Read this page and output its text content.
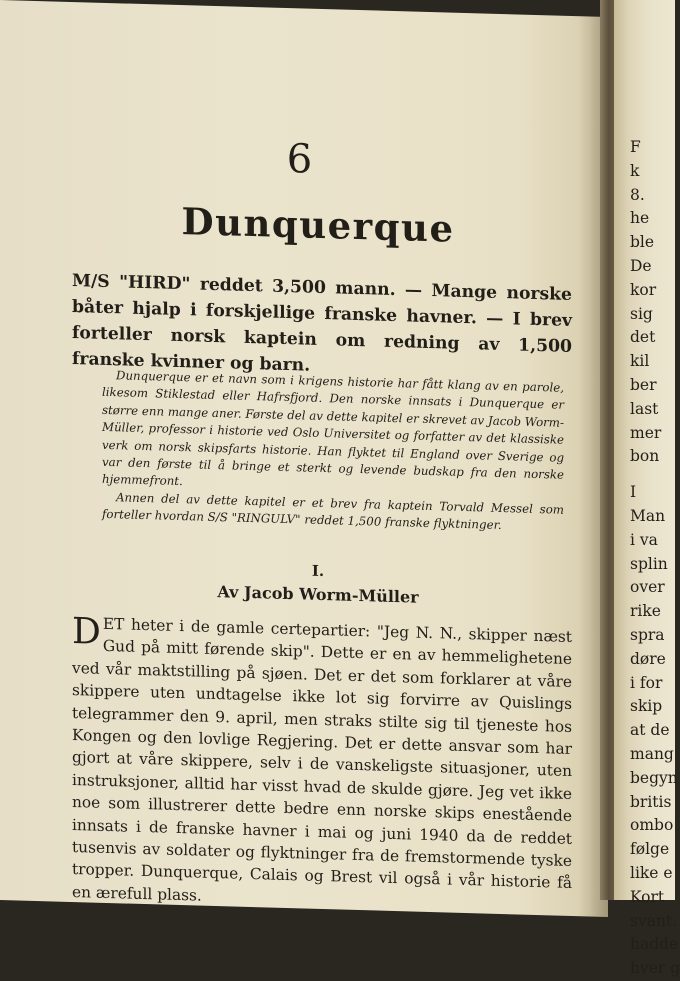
6
Dunquerque
M/S "HIRD" reddet 3,500 mann. — Mange norske båter hjalp i forskjellige franske havner. — I brev forteller norsk kaptein om redning av 1,500 franske kvinner og barn.

Dunquerque er et navn som i krigens historie har fått klang av en parole, likesom Stiklestad eller Hafrsfjord. Den norske innsats i Dunquerque er større enn mange aner. Første del av dette kapitel er skrevet av Jacob Worm-Müller, professor i historie ved Oslo Universitet og forfatter av det klassiske verk om norsk skipsfarts historie. Han flyktet til England over Sverige og var den første til å bringe et sterkt og levende budskap fra den norske hjemmefront.

Annen del av dette kapitel er et brev fra kaptein Torvald Messel som forteller hvordan S/S "RINGULV" reddet 1,500 franske flyktninger.

I.
Av Jacob Worm-Müller
DET heter i de gamle certepartier: "Jeg N. N., skipper næst Gud på mitt førende skip". Dette er en av hemmelighetene ved vår maktstilling på sjøen. Det er det som forklarer at våre skippere uten undtagelse ikke lot sig forvirre av Quislings telegrammer den 9. april, men straks stilte sig til tjeneste hos Kongen og den lovlige Regjering. Det er dette ansvar som har gjort at våre skippere, selv i de vanskeligste situasjoner, uten instruksjoner, alltid har visst hvad de skulde gjøre. Jeg vet ikke noe som illustrerer dette bedre enn norske skips enestående innsats i de franske havner i mai og juni 1940 da de reddet tusenvis av soldater og flyktninger fra de fremstormende tyske tropper. Dunquerque, Calais og Brest vil også i vår historie få en ærefull plass.
F
k
8.
he
ble
De
kor
sig
det
kil
ber
last
mer
bon
I
Man
i va
splin
over
rike
spra
døre
i for
skip
at de
mang
begyn
britis
ombo
følge
like e
Kort
svant.
hadde
hver g
